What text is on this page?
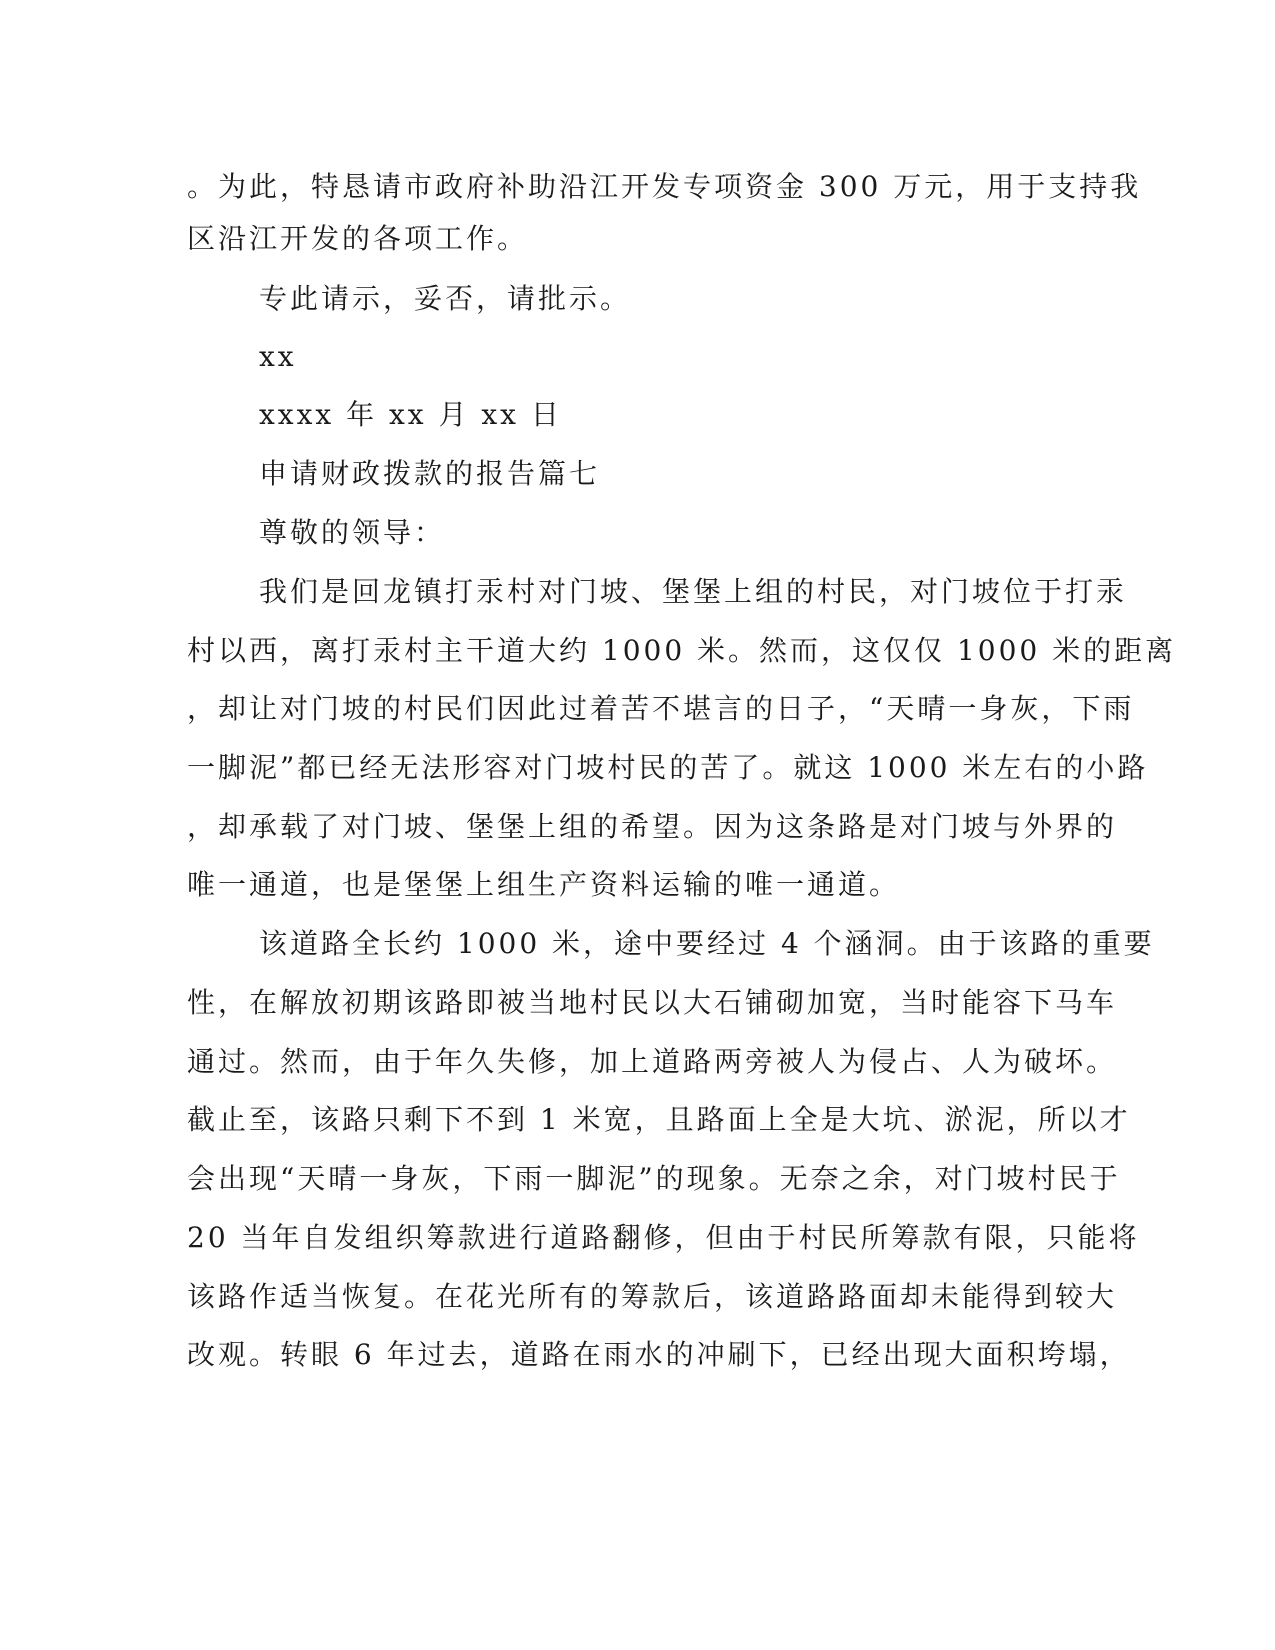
。为此，特恳请市政府补助沿江开发专项资金 300 万元，用于支持我
区沿江开发的各项工作。
专此请示，妥否，请批示。
xx
xxxx 年 xx 月 xx 日
申请财政拨款的报告篇七
尊敬的领导：
我们是回龙镇打汞村对门坡、堡堡上组的村民，对门坡位于打汞
村以西，离打汞村主干道大约 1000 米。然而，这仅仅 1000 米的距离
，却让对门坡的村民们因此过着苦不堪言的日子，“天晴一身灰，下雨
一脚泥”都已经无法形容对门坡村民的苦了。就这 1000 米左右的小路
，却承载了对门坡、堡堡上组的希望。因为这条路是对门坡与外界的
唯一通道，也是堡堡上组生产资料运输的唯一通道。
该道路全长约 1000 米，途中要经过 4 个涵洞。由于该路的重要
性，在解放初期该路即被当地村民以大石铺砌加宽，当时能容下马车
通过。然而，由于年久失修，加上道路两旁被人为侵占、人为破坏。
截止至，该路只剩下不到 1 米宽，且路面上全是大坑、淤泥，所以才
会出现“天晴一身灰，下雨一脚泥”的现象。无奈之余，对门坡村民于
20 当年自发组织筹款进行道路翻修，但由于村民所筹款有限，只能将
该路作适当恢复。在花光所有的筹款后，该道路路面却未能得到较大
改观。转眼 6 年过去，道路在雨水的冲刷下，已经出现大面积垮塌，
